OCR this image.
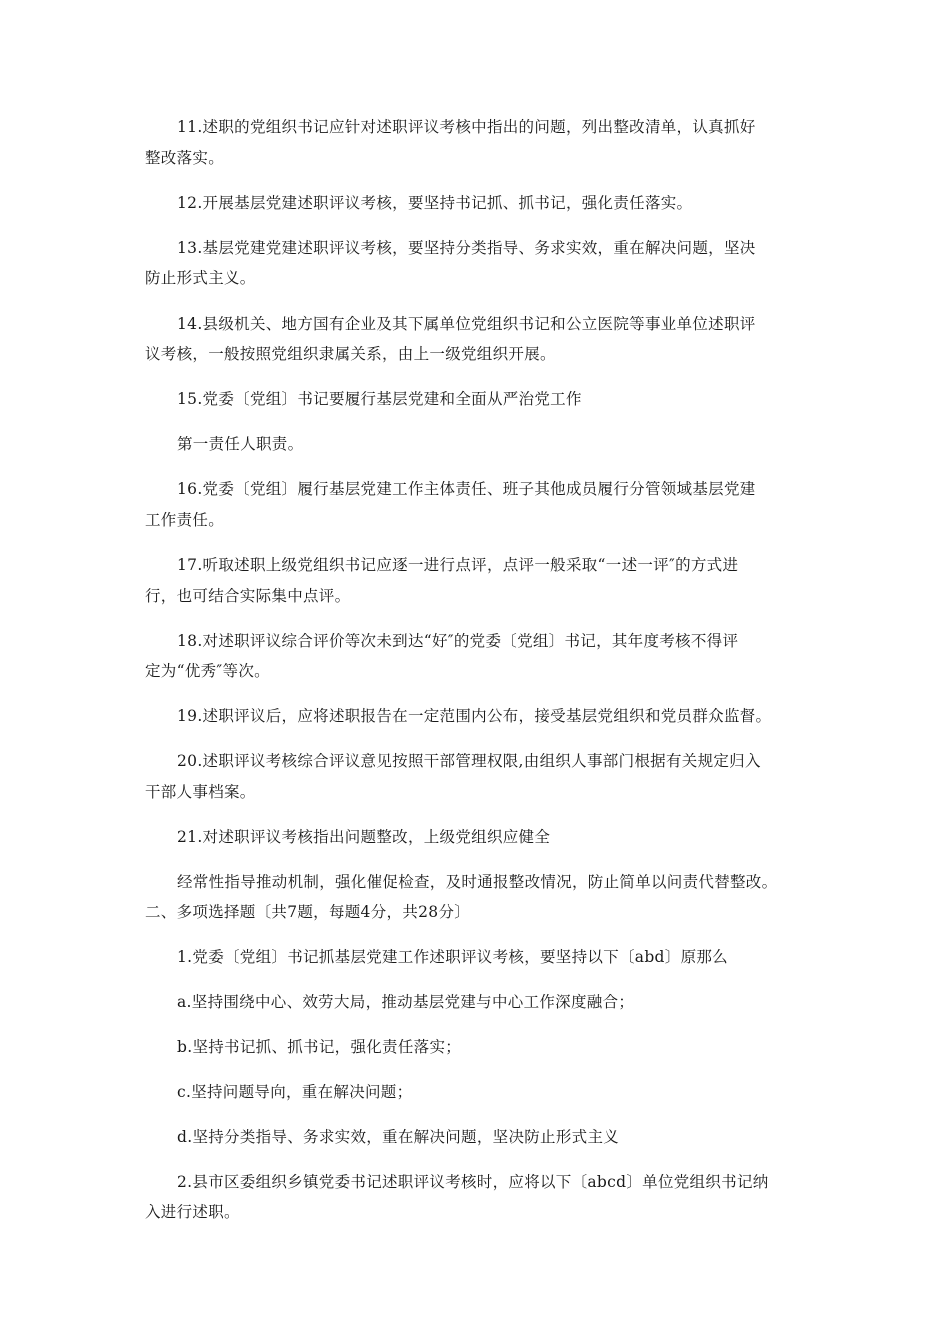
11.述职的党组织书记应针对述职评议考核中指出的问题，列出整改清单，认真抓好
整改落实。
12.开展基层党建述职评议考核，要坚持书记抓、抓书记，强化责任落实。
13.基层党建党建述职评议考核，要坚持分类指导、务求实效，重在解决问题，坚决
防止形式主义。
14.县级机关、地方国有企业及其下属单位党组织书记和公立医院等事业单位述职评
议考核，一般按照党组织隶属关系，由上一级党组织开展。
15.党委〔党组〕书记要履行基层党建和全面从严治党工作
第一责任人职责。
16.党委〔党组〕履行基层党建工作主体责任、班子其他成员履行分管领域基层党建
工作责任。
17.听取述职上级党组织书记应逐一进行点评，点评一般采取“一述一评″的方式进
行，也可结合实际集中点评。
18.对述职评议综合评价等次未到达“好″的党委〔党组〕书记，其年度考核不得评
定为“优秀″等次。
19.述职评议后，应将述职报告在一定范围内公布，接受基层党组织和党员群众监督。
20.述职评议考核综合评议意见按照干部管理权限,由组织人事部门根据有关规定归入
干部人事档案。
21.对述职评议考核指出问题整改，上级党组织应健全
经常性指导推动机制，强化催促检查，及时通报整改情况，防止简单以问责代替整改。
二、多项选择题〔共7题，每题4分，共28分〕
1.党委〔党组〕书记抓基层党建工作述职评议考核，要坚持以下〔abd〕原那么
a.坚持围绕中心、效劳大局，推动基层党建与中心工作深度融合；
b.坚持书记抓、抓书记，强化责任落实；
c.坚持问题导向，重在解决问题；
d.坚持分类指导、务求实效，重在解决问题，坚决防止形式主义
2.县市区委组织乡镇党委书记述职评议考核时，应将以下〔abcd〕单位党组织书记纳
入进行述职。
